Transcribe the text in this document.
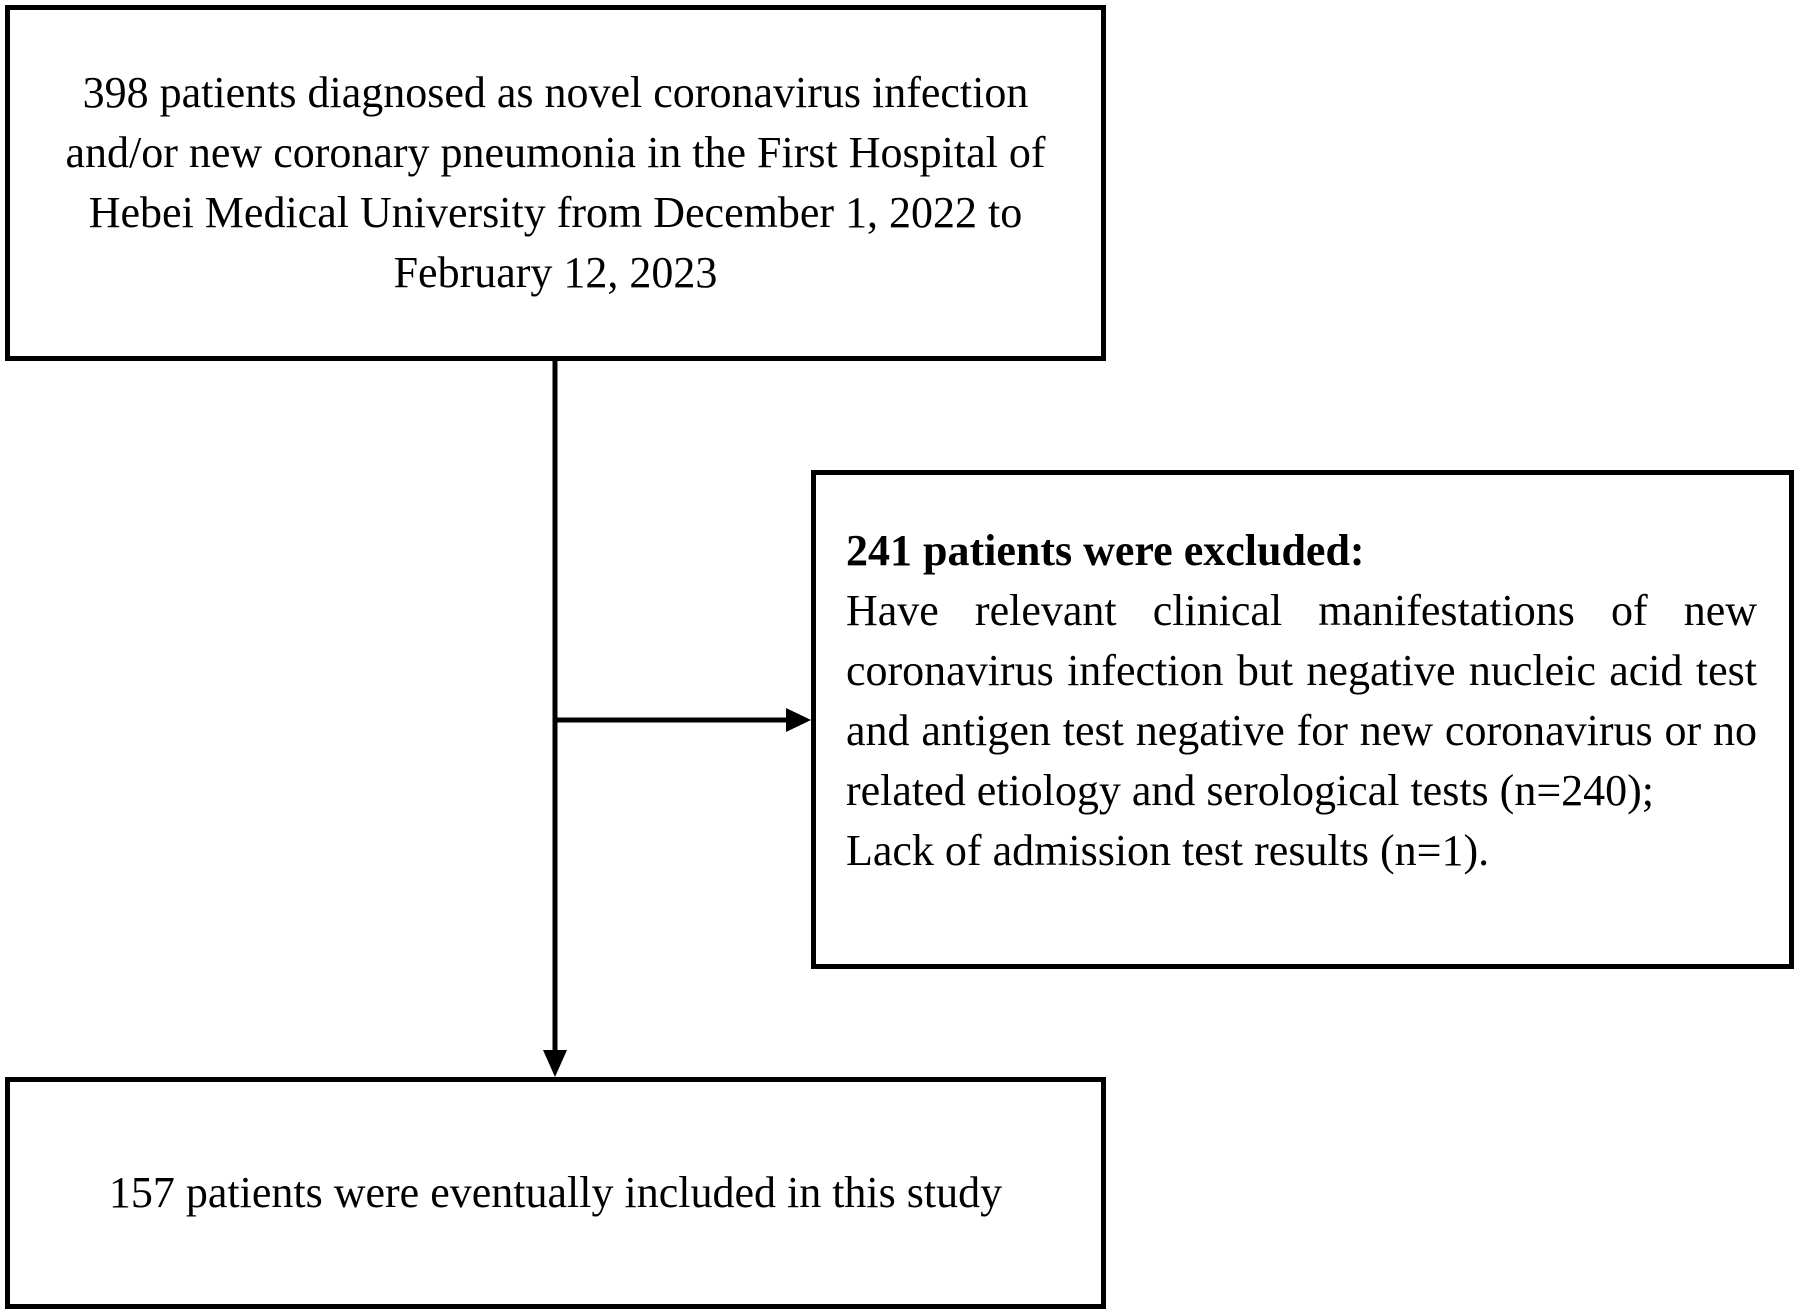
398 patients diagnosed as novel coronavirus infection and/or new coronary pneumonia in the First Hospital of Hebei Medical University from December 1, 2022 to February 12, 2023
241 patients were excluded:
Have relevant clinical manifestations of new coronavirus infection but negative nucleic acid test and antigen test negative for new coronavirus or no related etiology and serological tests (n=240);
Lack of admission test results (n=1).
157 patients were eventually included in this study
